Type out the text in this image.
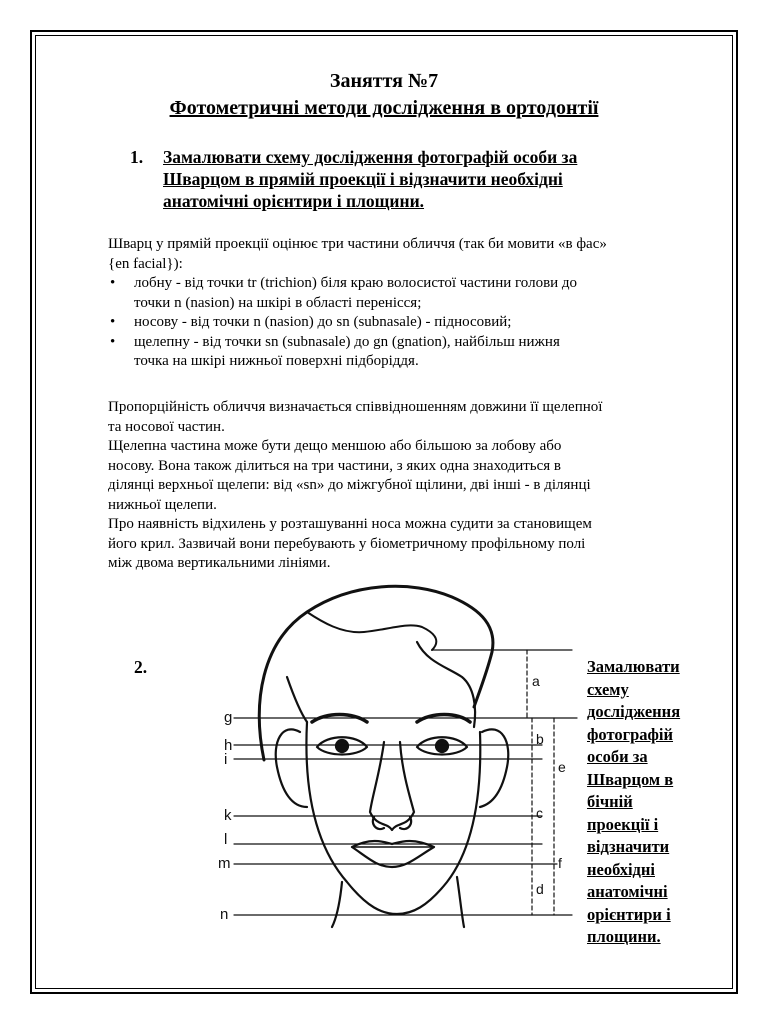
Заняття №7
Фотометричні методи дослідження в ортодонтії
1. Замалювати схему дослідження фотографій особи за
Шварцом в прямій проекції і відзначити необхідні
анатомічні орієнтири і площини.
Шварц у прямій проекції оцінює три частини обличчя (так би мовити «в фас»
{en facial}):
• лобну - від точки tr (trichion) біля краю волосистої частини голови до
точки n (nasion) на шкірі в області перенісся;
• носову - від точки n (nasion) до sn (subnasale) - підносовий;
• щелепну - від точки sn (subnasale) до gn (gnation), найбільш нижня
точка на шкірі нижньої поверхні підборіддя.
Пропорційність обличчя визначається співвідношенням довжини її щелепної
та носової частин.
Щелепна частина може бути дещо меншою або більшою за лобову або
носову. Вона також ділиться на три частини, з яких одна знаходиться в
ділянці верхньої щелепи: від «sn» до міжгубної щілини, дві інші - в ділянці
нижньої щелепи.
Про наявність відхилень у розташуванні носа можна судити за становищем
його крил. Зазвичай вони перебувають у біометричному профільному полі
між двома вертикальними лініями.
2.
g
h
i
k
l
m
n
a
b
e
c
f
d
Замалювати
схему
дослідження
фотографій
особи за
Шварцом в
бічній
проекції і
відзначити
необхідні
анатомічні
орієнтири і
площини.
